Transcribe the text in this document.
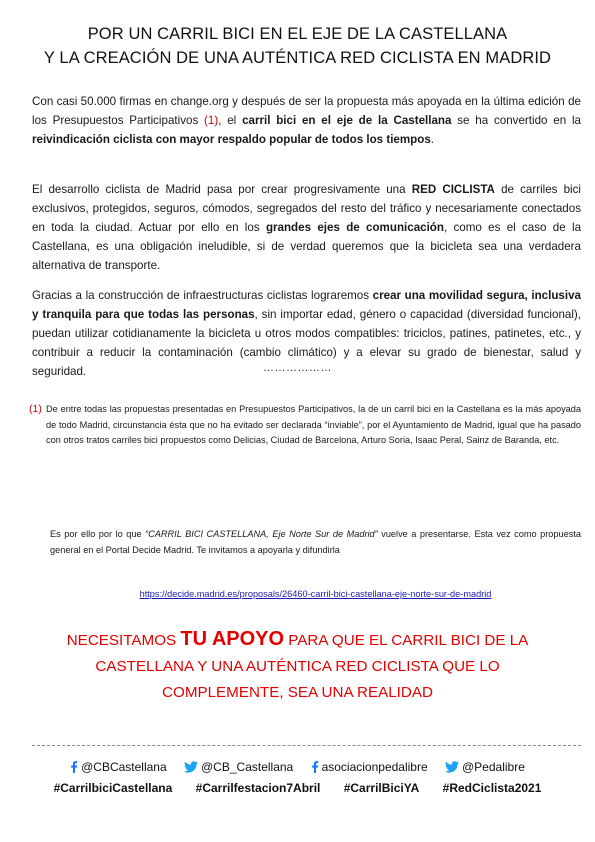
POR UN CARRIL BICI EN EL EJE DE LA CASTELLANA
Y LA CREACIÓN DE UNA AUTÉNTICA RED CICLISTA EN MADRID
Con casi 50.000 firmas en change.org y después de ser la propuesta más apoyada en la última edición de los Presupuestos Participativos (1), el carril bici en el eje de la Castellana se ha convertido en la reivindicación ciclista con mayor respaldo popular de todos los tiempos.
El desarrollo ciclista de Madrid pasa por crear progresivamente una RED CICLISTA de carriles bici exclusivos, protegidos, seguros, cómodos, segregados del resto del tráfico y necesariamente conectados en toda la ciudad. Actuar por ello en los grandes ejes de comunicación, como es el caso de la Castellana, es una obligación ineludible, si de verdad queremos que la bicicleta sea una verdadera alternativa de transporte.
Gracias a la construcción de infraestructuras ciclistas lograremos crear una movilidad segura, inclusiva y tranquila para que todas las personas, sin importar edad, género o capacidad (diversidad funcional), puedan utilizar cotidianamente la bicicleta u otros modos compatibles: triciclos, patines, patinetes, etc., y contribuir a reducir la contaminación (cambio climático) y a elevar su grado de bienestar, salud y seguridad.	………………
(1) De entre todas las propuestas presentadas en Presupuestos Participativos, la de un carril bici en la Castellana es la más apoyada de todo Madrid, circunstancia ésta que no ha evitado ser declarada “inviable”, por el Ayuntamiento de Madrid, igual que ha pasado con otros tratos carriles bici propuestos como Delicias, Ciudad de Barcelona, Arturo Soria, Isaac Peral, Sainz de Baranda, etc.
Es por ello por lo que “CARRIL BICI CASTELLANA, Eje Norte Sur de Madrid” vuelve a presentarse. Esta vez como propuesta general en el Portal Decide Madrid. Te invitamos a apoyarla y difundirla
https://decide.madrid.es/proposals/26460-carril-bici-castellana-eje-norte-sur-de-madrid
NECESITAMOS TU APOYO PARA QUE EL CARRIL BICI DE LA
CASTELLANA Y UNA AUTÉNTICA RED CICLISTA QUE LO
COMPLEMENTE, SEA UNA REALIDAD
@CBCastellana	@CB_Castellana asociacionpedalibre	@Pedalibre
#CarrilbiciCastellana #Carrilfestacion7Abril #CarrilBiciYA #RedCiclista2021
